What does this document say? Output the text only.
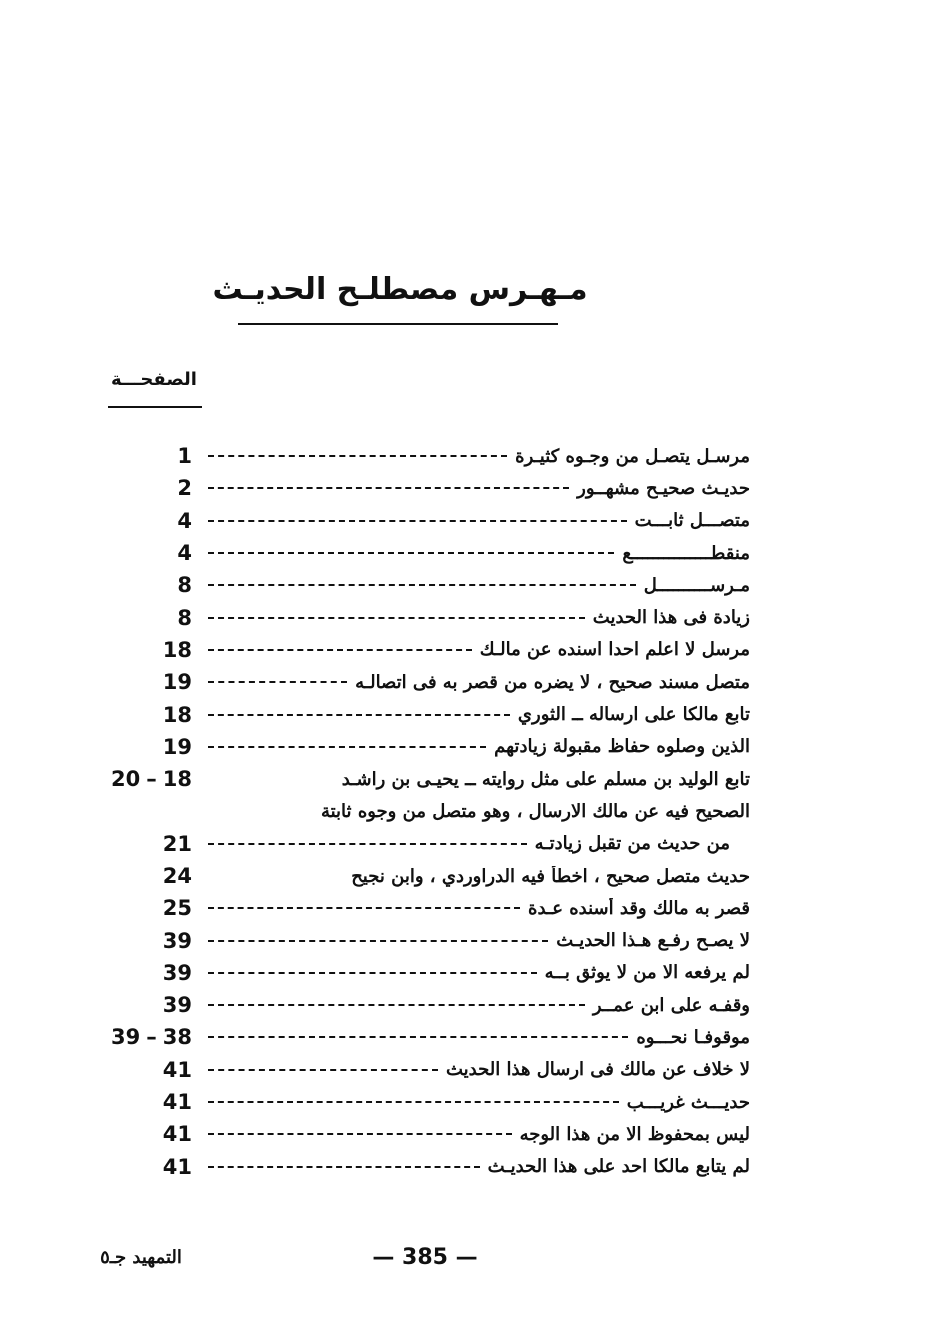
مـهـرس مصطلـح الحديـث
الصفحـــة
1	مرسـل يتصـل من وجـوه كثيـرة
2	حديـث صحيـح مشهــور
4	متصـــل ثابـــت
4	منقطـــــــــــــــع
8	مـرســــــــــل
8	زيادة فى هذا الحديث
18	مرسل لا اعلم احدا اسنده عن مالـك
19	متصل مسند صحيح ، لا يضره من قصر به فى اتصالـه
18	تابع مالكا على ارساله ــ الثوري
19	الذين وصلوه حفاظ مقبولة زيادتهم
20 – 18	تابع الوليد بن مسلم على مثل روايته ــ يحيـى بن راشـد
الصحيح فيه عن مالك الارسال ، وهو متصل من وجوه ثابتة
21	من حديث من تقبل زيادتـه
24	حديث متصل صحيح ، اخطأ فيه الدراوردي ، وابن نجيح
25	قصر به مالك وقد أسنده عـدة
39	لا يصـح رفـع هـذا الحديـث
39	لم يرفعه الا من لا يوثق بــه
39	وقفـه على ابن عمــر
39 – 38	موقوفـا نحـــوه
41	لا خلاف عن مالك فى ارسال هذا الحديث
41	حديـــث غريـــب
41	ليس بمحفوظ الا من هذا الوجه
41	لم يتابع مالكا احد على هذا الحديـث
— 385 —
التمهيد جـ٥
